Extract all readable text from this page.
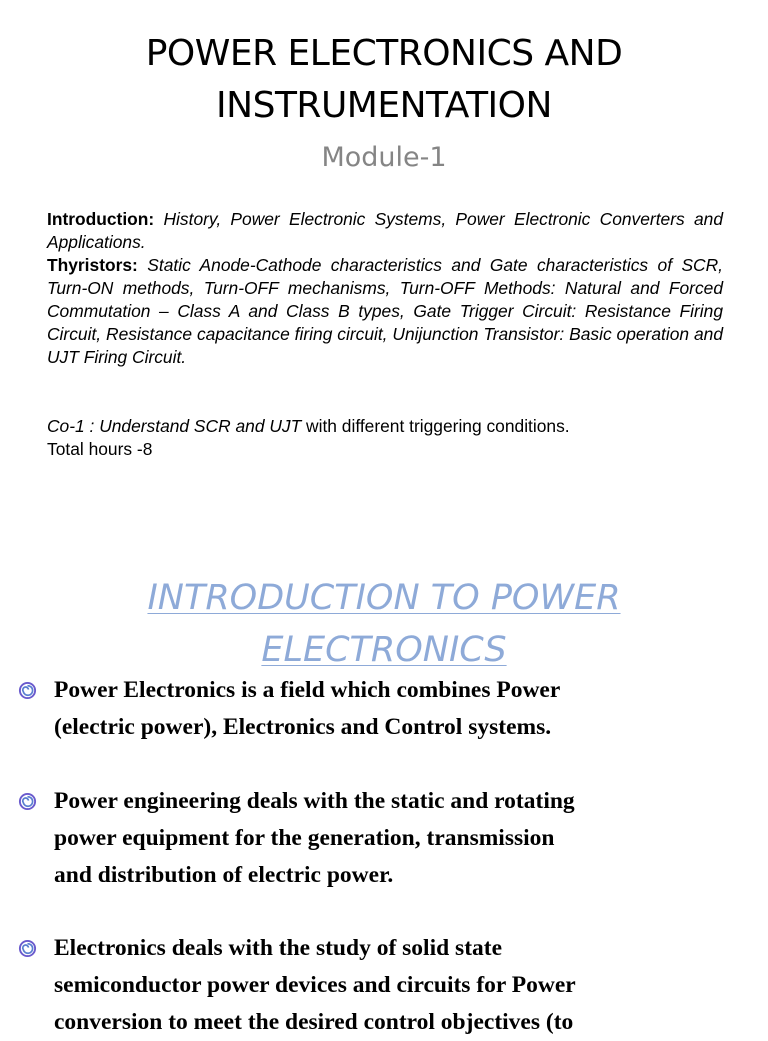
POWER ELECTRONICS AND
INSTRUMENTATION
Module-1

Introduction: History, Power Electronic Systems, Power Electronic Converters and Applications.

Thyristors: Static Anode-Cathode characteristics and Gate characteristics of SCR, Turn-ON methods, Turn-OFF mechanisms, Turn-OFF Methods: Natural and Forced Commutation – Class A and Class B types, Gate Trigger Circuit: Resistance Firing Circuit, Resistance capacitance firing circuit, Unijunction Transistor: Basic operation and UJT Firing Circuit.

Co-1 : Understand SCR and UJT with different triggering conditions.
Total hours -8
INTRODUCTION TO POWER
ELECTRONICS
Power Electronics is a field which combines Power
(electric power), Electronics and Control systems.
Power engineering deals with the static and rotating
power equipment for the generation, transmission
and distribution of electric power.
Electronics deals with the study of solid state
semiconductor power devices and circuits for Power
conversion to meet the desired control objectives (to
